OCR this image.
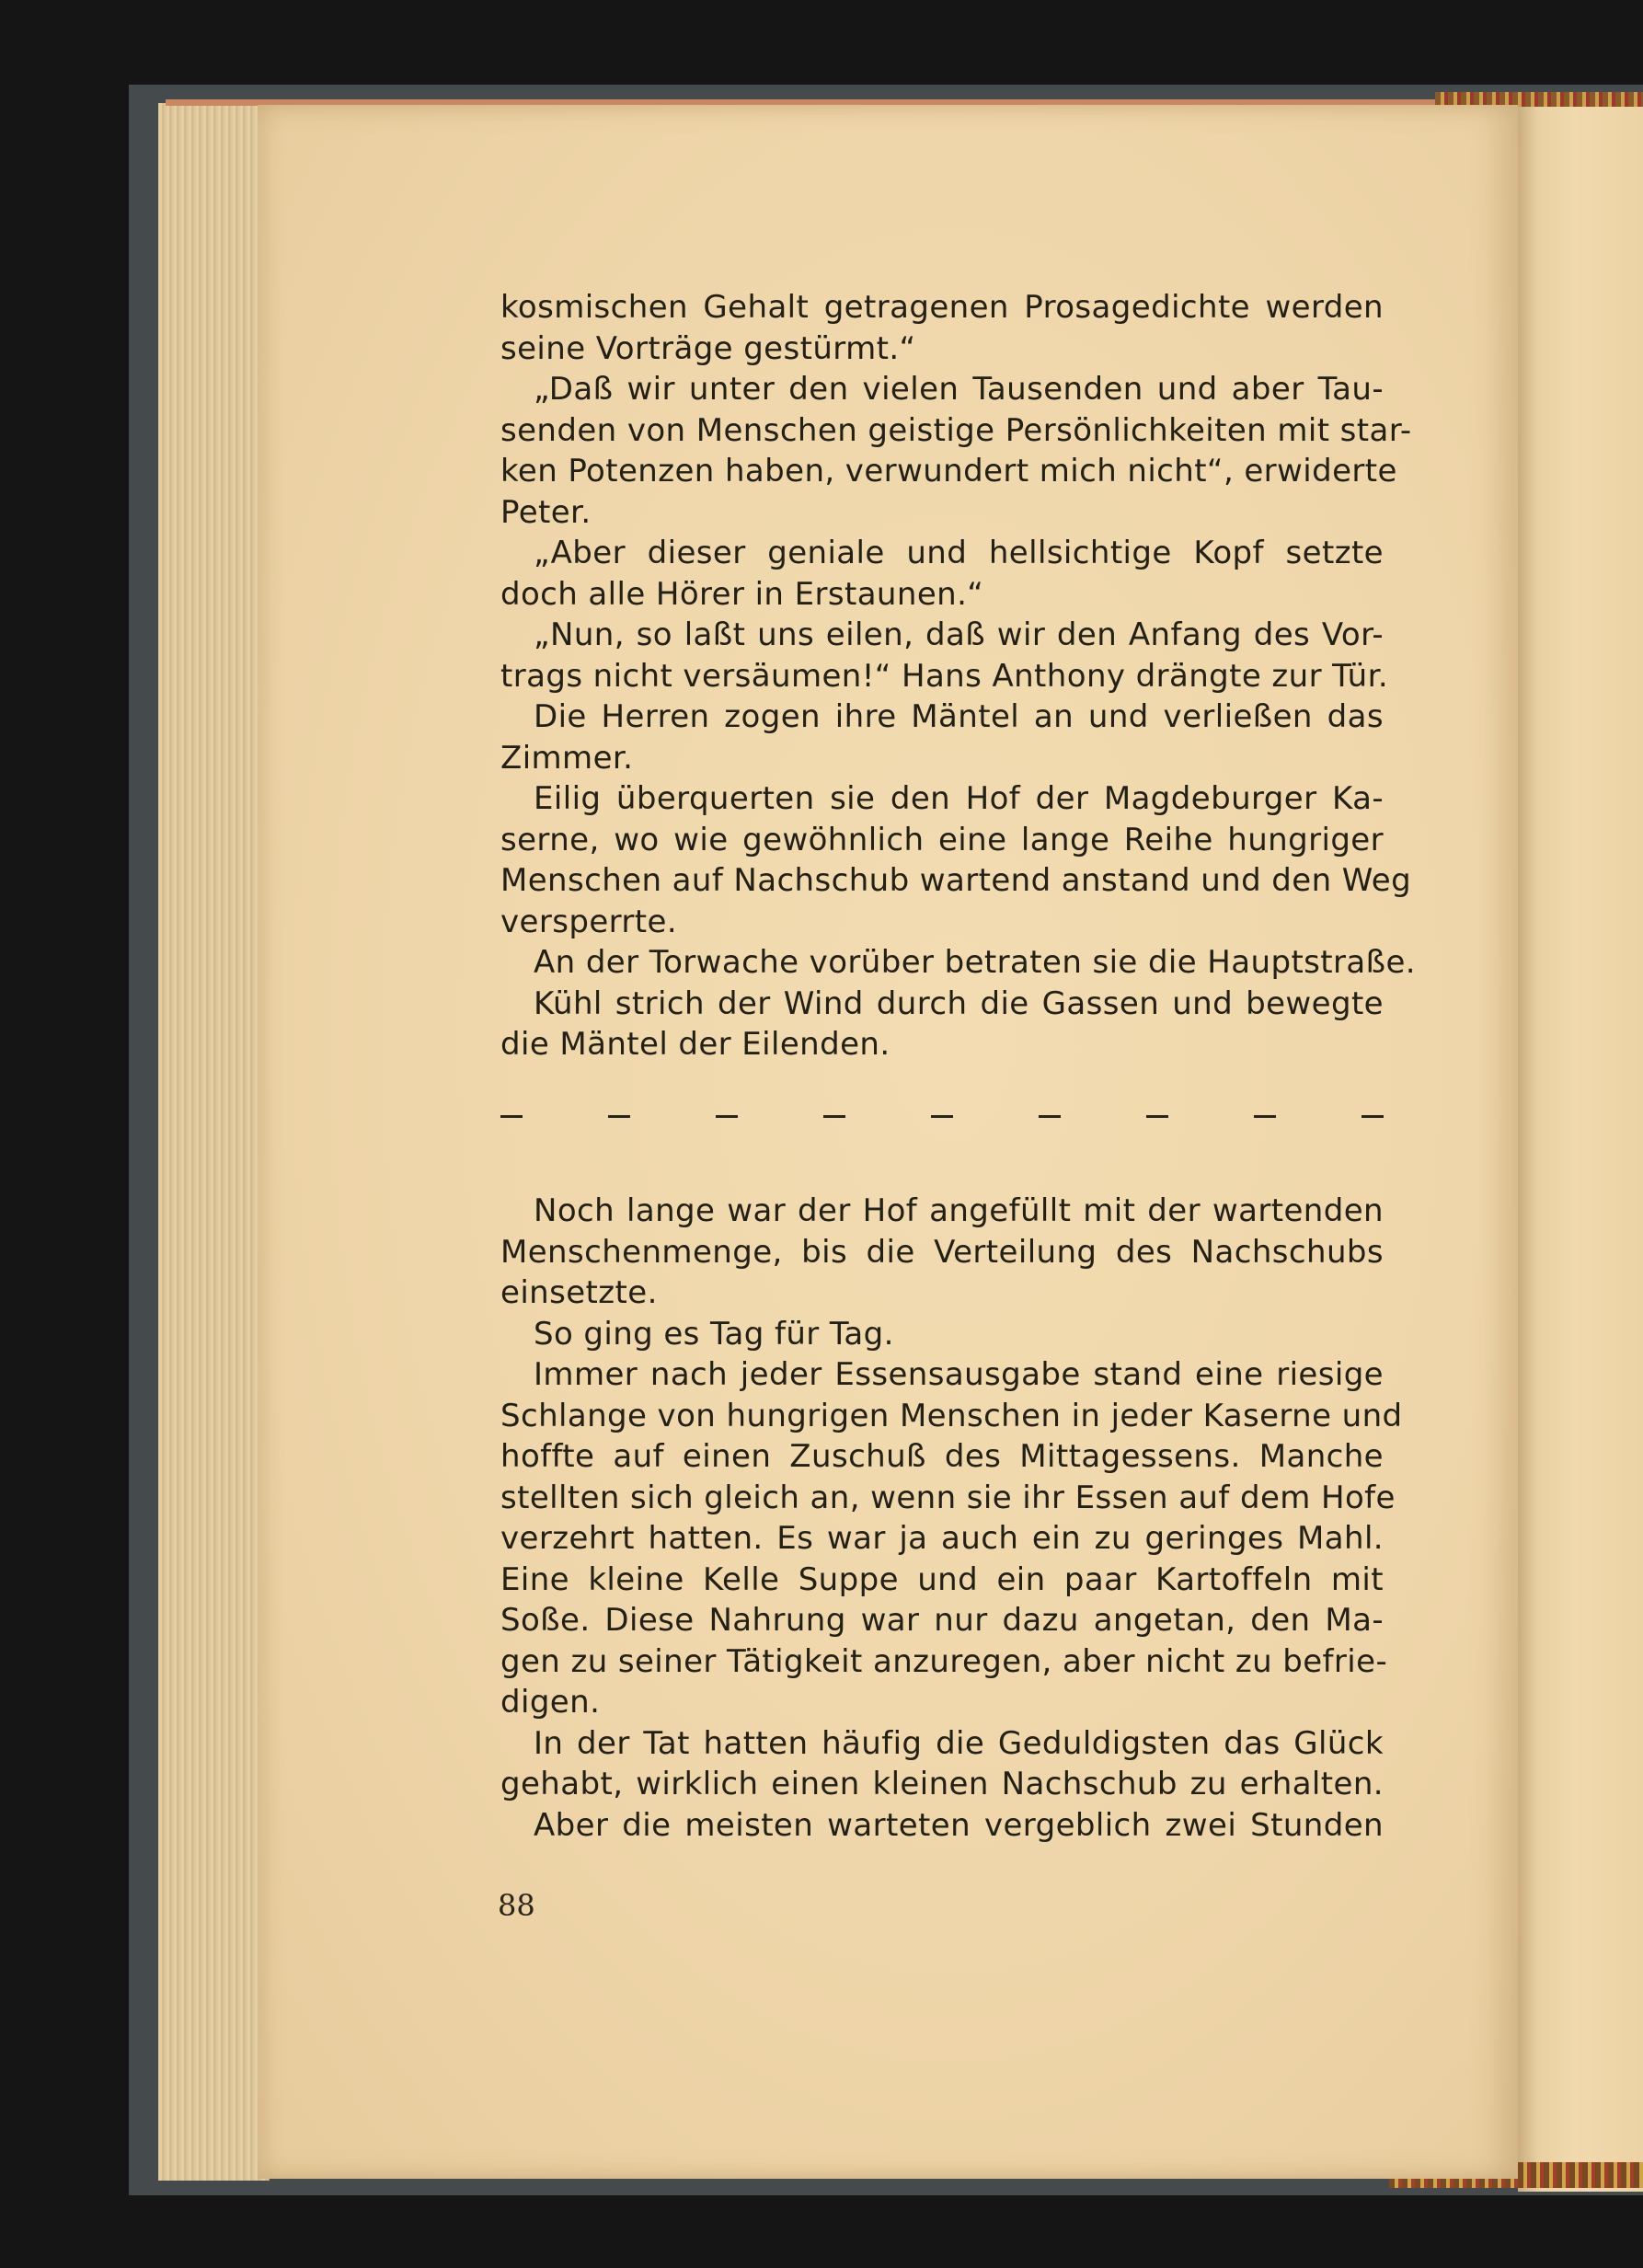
kosmischen Gehalt getragenen Prosagedichte werden
seine Vorträge gestürmt.“
„Daß wir unter den vielen Tausenden und aber Tau-
senden von Menschen geistige Persönlichkeiten mit star-
ken Potenzen haben, verwundert mich nicht“, erwiderte
Peter.
„Aber dieser geniale und hellsichtige Kopf setzte
doch alle Hörer in Erstaunen.“
„Nun, so laßt uns eilen, daß wir den Anfang des Vor-
trags nicht versäumen!“ Hans Anthony drängte zur Tür.
Die Herren zogen ihre Mäntel an und verließen das
Zimmer.
Eilig überquerten sie den Hof der Magdeburger Ka-
serne, wo wie gewöhnlich eine lange Reihe hungriger
Menschen auf Nachschub wartend anstand und den Weg
versperrte.
An der Torwache vorüber betraten sie die Hauptstraße.
Kühl strich der Wind durch die Gassen und bewegte
die Mäntel der Eilenden.
Noch lange war der Hof angefüllt mit der wartenden
Menschenmenge, bis die Verteilung des Nachschubs
einsetzte.
So ging es Tag für Tag.
Immer nach jeder Essensausgabe stand eine riesige
Schlange von hungrigen Menschen in jeder Kaserne und
hoffte auf einen Zuschuß des Mittagessens. Manche
stellten sich gleich an, wenn sie ihr Essen auf dem Hofe
verzehrt hatten. Es war ja auch ein zu geringes Mahl.
Eine kleine Kelle Suppe und ein paar Kartoffeln mit
Soße. Diese Nahrung war nur dazu angetan, den Ma-
gen zu seiner Tätigkeit anzuregen, aber nicht zu befrie-
digen.
In der Tat hatten häufig die Geduldigsten das Glück
gehabt, wirklich einen kleinen Nachschub zu erhalten.
Aber die meisten warteten vergeblich zwei Stunden
88
